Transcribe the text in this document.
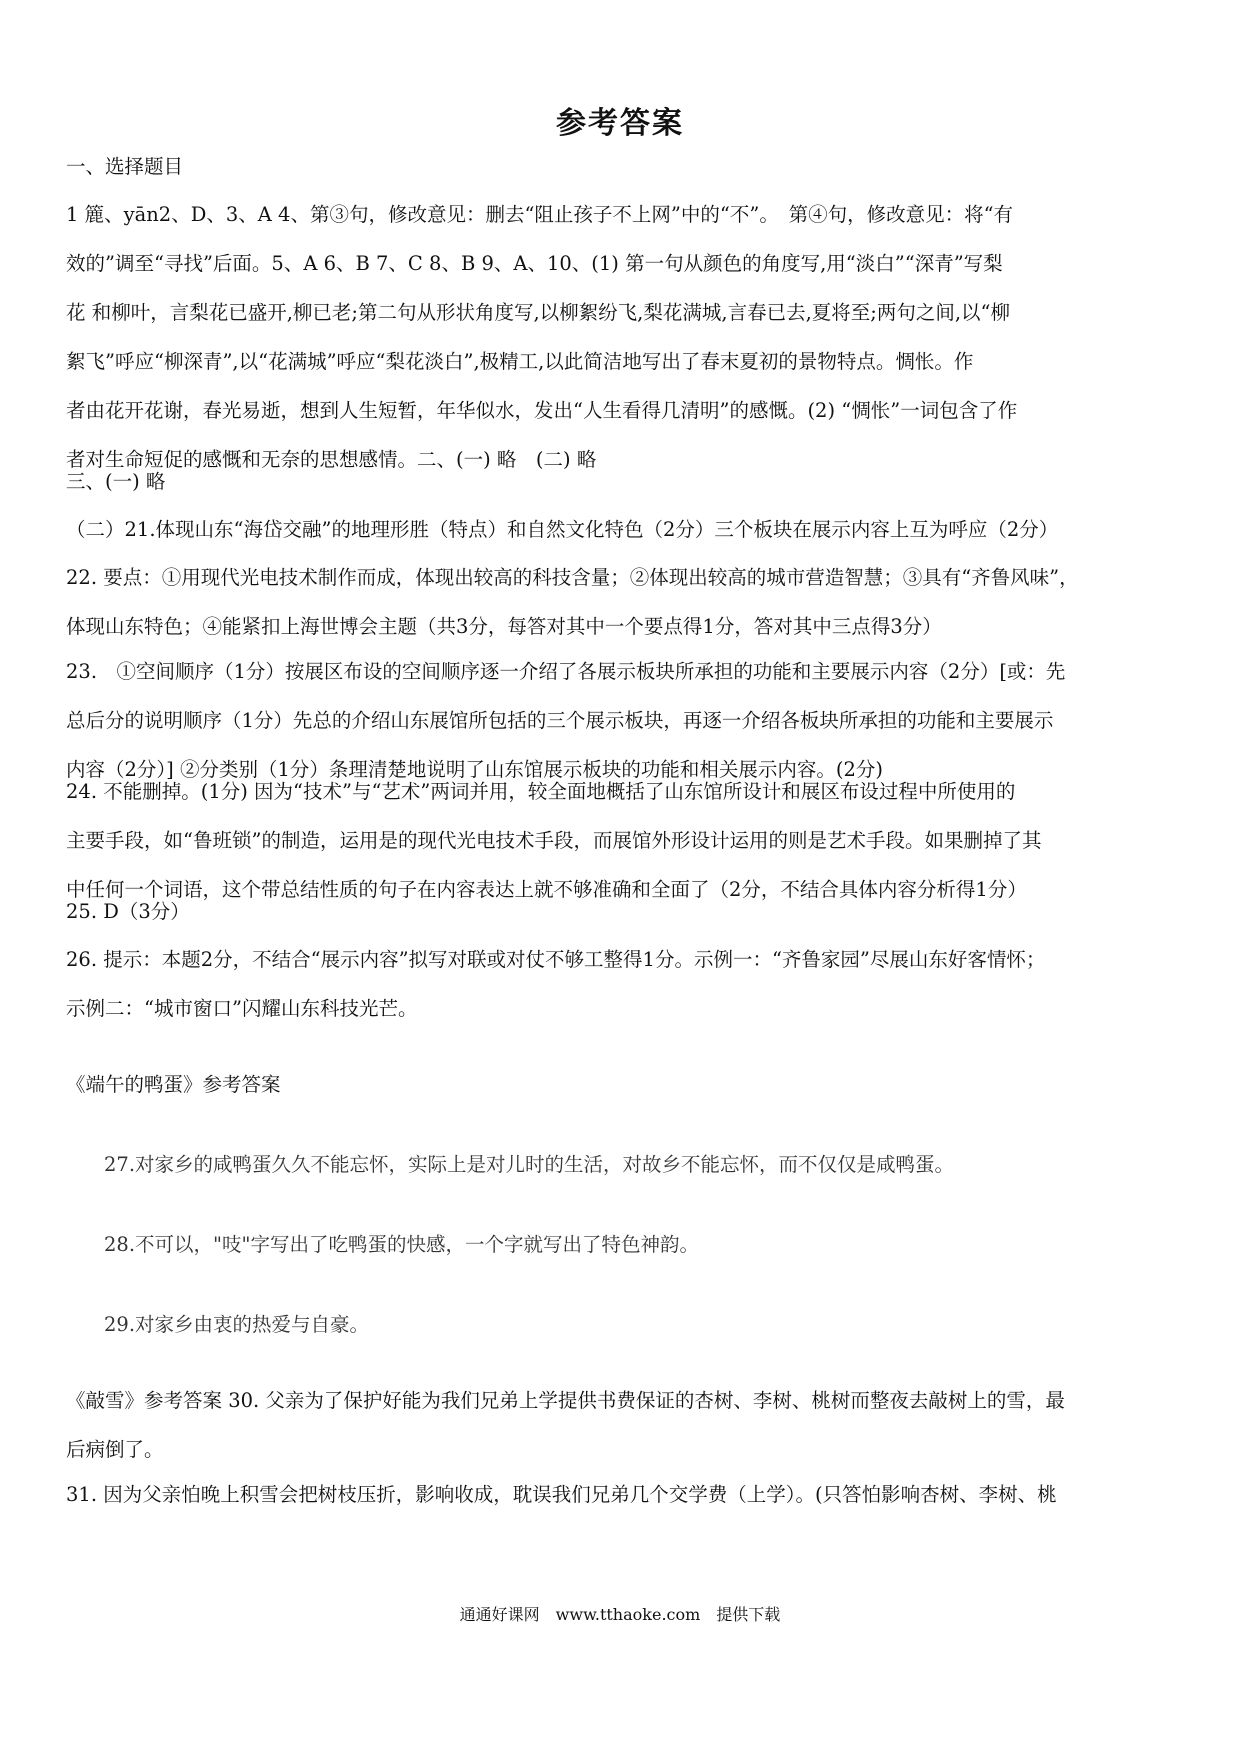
参考答案
一、选择题目
1 簏、yān2、D、3、A 4、第③句，修改意见：删去“阻止孩子不上网”中的“不”。　第④句，修改意见：将“有
效的”调至“寻找”后面。5、A 6、B 7、C 8、B 9、A、10、(1) 第一句从颜色的角度写,用“淡白”“深青”写梨
花 和柳叶，言梨花已盛开,柳已老;第二句从形状角度写,以柳絮纷飞,梨花满城,言春已去,夏将至;两句之间,以“柳
絮飞”呼应“柳深青”,以“花满城”呼应“梨花淡白”,极精工,以此简洁地写出了春末夏初的景物特点。惆怅。作
者由花开花谢，春光易逝，想到人生短暂，年华似水，发出“人生看得几清明”的感慨。(2) “惆怅”一词包含了作
者对生命短促的感慨和无奈的思想感情。二、(一) 略　(二) 略
三、(一) 略
（二）21.体现山东“海岱交融”的地理形胜（特点）和自然文化特色（2分）三个板块在展示内容上互为呼应（2分）
22. 要点：①用现代光电技术制作而成，体现出较高的科技含量；②体现出较高的城市营造智慧；③具有“齐鲁风味”，
体现山东特色；④能紧扣上海世博会主题（共3分，每答对其中一个要点得1分，答对其中三点得3分）
23.　①空间顺序（1分）按展区布设的空间顺序逐一介绍了各展示板块所承担的功能和主要展示内容（2分）[或：先
总后分的说明顺序（1分）先总的介绍山东展馆所包括的三个展示板块，再逐一介绍各板块所承担的功能和主要展示
内容（2分）] ②分类别（1分）条理清楚地说明了山东馆展示板块的功能和相关展示内容。(2分)
24. 不能删掉。(1分) 因为“技术”与“艺术”两词并用，较全面地概括了山东馆所设计和展区布设过程中所使用的
主要手段，如“鲁班锁”的制造，运用是的现代光电技术手段，而展馆外形设计运用的则是艺术手段。如果删掉了其
中任何一个词语，这个带总结性质的句子在内容表达上就不够准确和全面了（2分，不结合具体内容分析得1分）
25. D（3分）
26. 提示：本题2分，不结合“展示内容”拟写对联或对仗不够工整得1分。示例一：“齐鲁家园”尽展山东好客情怀；
示例二：“城市窗口”闪耀山东科技光芒。
《端午的鸭蛋》参考答案
27.对家乡的咸鸭蛋久久不能忘怀，实际上是对儿时的生活，对故乡不能忘怀，而不仅仅是咸鸭蛋。
28.不可以，"吱"字写出了吃鸭蛋的快感，一个字就写出了特色神韵。
29.对家乡由衷的热爱与自豪。
《敲雪》参考答案 30. 父亲为了保护好能为我们兄弟上学提供书费保证的杏树、李树、桃树而整夜去敲树上的雪，最
后病倒了。
31. 因为父亲怕晚上积雪会把树枝压折，影响收成，耽误我们兄弟几个交学费（上学）。(只答怕影响杏树、李树、桃
通通好课网　www.tthaoke.com　提供下载
